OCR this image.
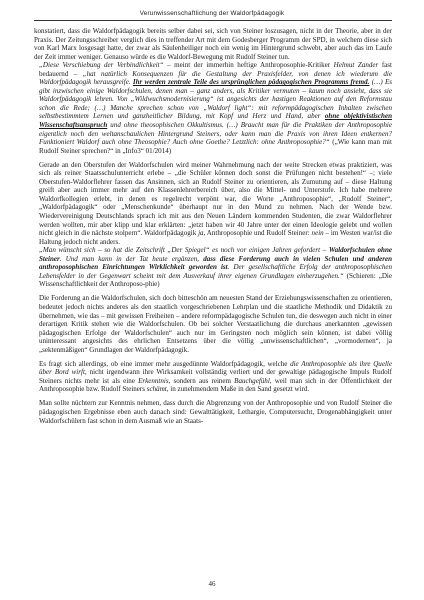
Verunwissenschaftlichung der Waldorfpädagogik

konstatiert, dass die Waldorfpädagogik bereits selber dabei sei, sich von Steiner loszusagen, nicht in der Theorie, aber in der Praxis. Der Zeitungsschreiber verglich dies in treffender Art mit dem Godesberger Programm der SPD, in welchem diese sich von Karl Marx losgesagt hatte, der zwar als Säulenheiliger noch ein wenig im Hintergrund schwebt, aber auch das im Laufe der Zeit immer weniger. Genauso würde es die Waldorf-Bewegung mit Rudolf Steiner tun.

„Diese Verschiebung der Verbindlichkeit“ – meint der immerhin heftige Anthroposophie-Kritiker Helmut Zander fast bedauernd – „hat natürlich Konsequenzen für die Gestaltung der Praxisfelder, von denen ich wiederum die Waldorfpädagogik herausgreife. Ihr werden zentrale Teile des ursprünglichen pädagogischen Programms fremd. (…) Es gibt inzwischen einige Waldorfschulen, denen man – ganz anders, als Kritiker vermuten – kaum noch ansieht, dass sie Waldorfpädagogik lehren. Von „Wildwuchsmodernisierung“ ist angesichts der hastigen Reaktionen auf den Reformstau schon die Rede; (…) Manche sprechen schon von „Waldorf light“: mit reformpädagogischen Inhalten zwischen selbstbestimmtem Lernen und ganzheitlicher Bildung, mit Kopf und Herz und Hand, aber ohne objektivistischen Wissenschaftsanspruch und ohne theosophischen Okkultismus. (…) Braucht man für die Praktiken der Anthroposophie eigentlich noch den weltanschaulichen Hintergrund Steiners, oder kann man die Praxis von ihren Ideen entkernen? Funktioniert Waldorf auch ohne Theosophie? Auch ohne Goethe? Letztlich: ohne Anthroposophie?“ („Wie kann man mit Rudolf Steiner sprechen?“ in „Info3“ 01/2014)

Gerade an den Oberstufen der Waldorfschulen wird meiner Wahrnehmung nach der weite Strecken etwas praktiziert, was sich als reiner Staatsschulunterricht erlebe – „die Schüler können doch sonst die Prüfungen nicht bestehen!“ –; viele Oberstufen-Waldorflehrer fassen das Ansinnen, sich an Rudolf Steiner zu orientieren, als Zumutung auf – diese Haltung greift aber auch immer mehr auf den Klassenlehrerbereich über, also die Mittel- und Unterstufe. Ich habe mehrere Waldorfkollegien erlebt, in denen es regelrecht verpönt war, die Worte „Anthroposophie“, „Rudolf Steiner“, „Waldorfpädagogik“ oder „Menschenkunde“ überhaupt nur in den Mund zu nehmen. Nach der Wende bzw. Wiedervereinigung Deutschlands sprach ich mit aus den Neuen Ländern kommenden Studenten, die zwar Waldorflehrer werden wollten, mir aber klipp und klar erklärten: „jetzt haben wir 40 Jahre unter der einen Ideologie gelebt und wollen nicht gleich in die nächste stolpern“. Waldorfpädagogik ja, Anthroposophie und Rudolf Steiner: nein – im Westen war/ist die Haltung jedoch nicht anders.

„Man wünscht sich – so hat die Zeitschrift „Der Spiegel“ es noch vor einigen Jahren gefordert – Waldorfschulen ohne Steiner. Und man kann in der Tat heute ergänzen, dass diese Forderung auch in vielen Schulen und anderen anthroposophischen Einrichtungen Wirklichkeit geworden ist. Der gesellschaftliche Erfolg der anthroposophischen Lebensfelder in der Gegenwart scheint mit dem Ausverkauf ihrer eigenen Grundlagen einherzugehen.“ (Schieren: „Die Wissenschaftlichkeit der Anthroposo-phie)

Die Forderung an die Waldorfschulen, sich doch bitteschön am neuesten Stand der Erziehungswissenschaften zu orientieren, bedeutet jedoch nichts anderes als den staatlich vorgeschriebenen Lehrplan und die staatliche Methodik und Didaktik zu übernehmen, wie das – mit gewissen Freiheiten – andere reformpädagogische Schulen tun, die deswegen auch nicht in einer derartigen Kritik stehen wie die Waldorfschulen. Ob bei solcher Verstaatlichung die durchaus anerkannten „gewissen pädagogischen Erfolge der Waldorfschulen“ auch nur im Geringsten noch möglich sein können, ist dabei völlig uninteressant angesichts des ehrlichen Entsetzens über die völlig „unwissenschaftlichen“, „vormodernen“, ja „sektenmäßigen“ Grundlagen der Waldorfpädagogik.

Es fragt sich allerdings, ob eine immer mehr ausgedünnte Waldorfpädagogik, welche die Anthroposophie als ihre Quelle über Bord wirft, nicht irgendwann ihre Wirksamkeit vollständig verliert und der gewaltige pädagogische Impuls Rudolf Steiners nichts mehr ist als eine Erkenntnis, sondern aus reinem Bauchgefühl, weil man sich in der Öffentlichkeit der Anthroposophie bzw. Rudolf Steiners schämt, in zunehmendem Maße in den Sand gesetzt wird.

Man sollte nüchtern zur Kenntnis nehmen, dass durch die Abgrenzung von der Anthroposophie und von Rudolf Steiner die pädagogischen Ergebnisse eben auch danach sind: Gewalttätigkeit, Lethargie, Computersucht, Drogenabhängigkeit unter Waldorfschülern fast schon in dem Ausmaß wie an Staats-

46
